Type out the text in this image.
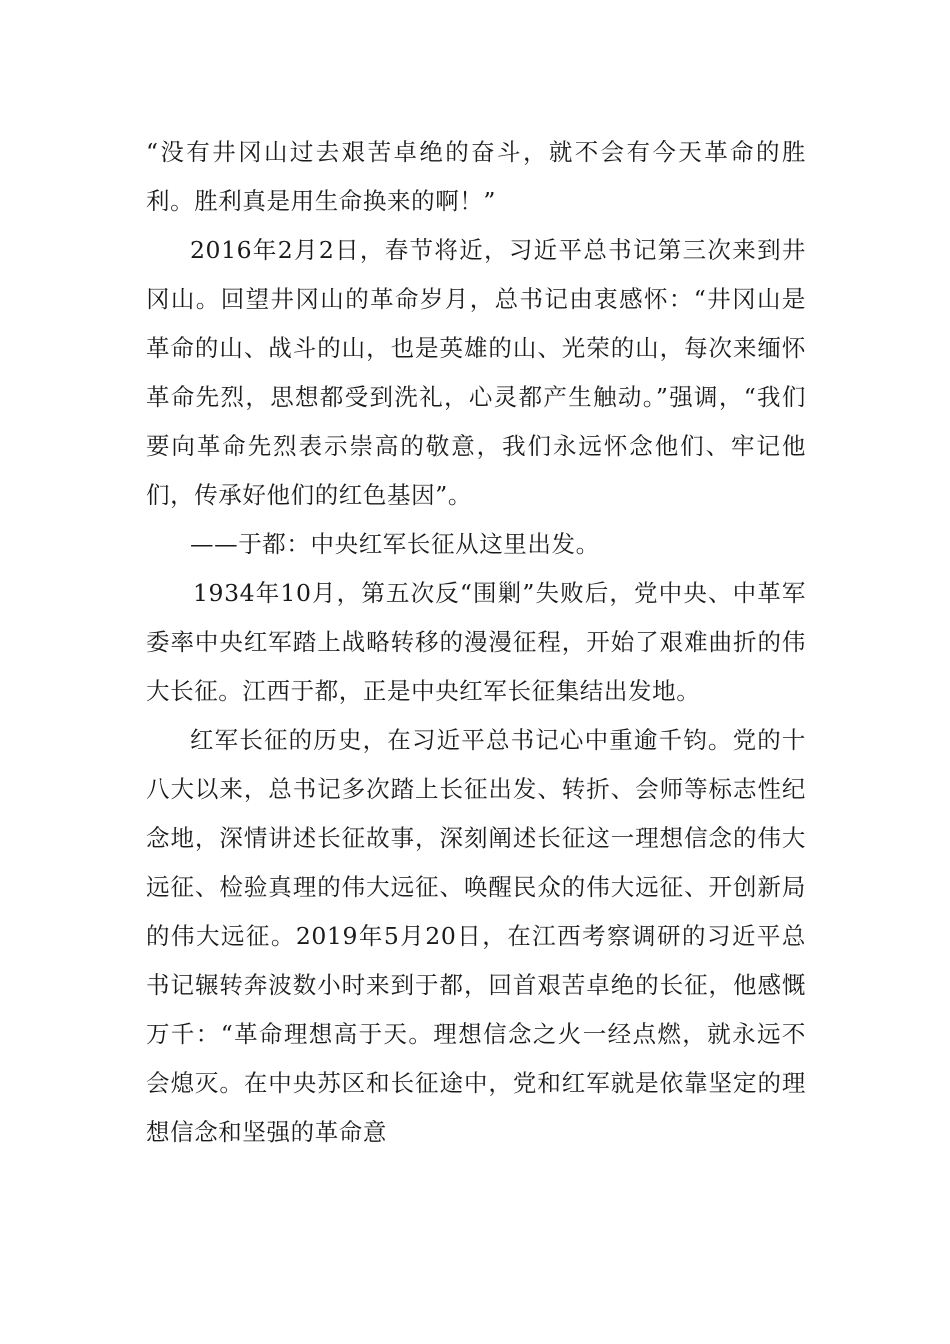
“没有井冈山过去艰苦卓绝的奋斗，就不会有今天革命的胜利。胜利真是用生命换来的啊！”

2016年2月2日，春节将近，习近平总书记第三次来到井冈山。回望井冈山的革命岁月，总书记由衷感怀：“井冈山是革命的山、战斗的山，也是英雄的山、光荣的山，每次来缅怀革命先烈，思想都受到洗礼，心灵都产生触动。”强调，“我们要向革命先烈表示崇高的敬意，我们永远怀念他们、牢记他们，传承好他们的红色基因”。

——于都：中央红军长征从这里出发。

1934年10月，第五次反“围剿”失败后，党中央、中革军委率中央红军踏上战略转移的漫漫征程，开始了艰难曲折的伟大长征。江西于都，正是中央红军长征集结出发地。

红军长征的历史，在习近平总书记心中重逾千钧。党的十八大以来，总书记多次踏上长征出发、转折、会师等标志性纪念地，深情讲述长征故事，深刻阐述长征这一理想信念的伟大远征、检验真理的伟大远征、唤醒民众的伟大远征、开创新局的伟大远征。2019年5月20日，在江西考察调研的习近平总书记辗转奔波数小时来到于都，回首艰苦卓绝的长征，他感慨万千：“革命理想高于天。理想信念之火一经点燃，就永远不会熄灭。在中央苏区和长征途中，党和红军就是依靠坚定的理想信念和坚强的革命意
